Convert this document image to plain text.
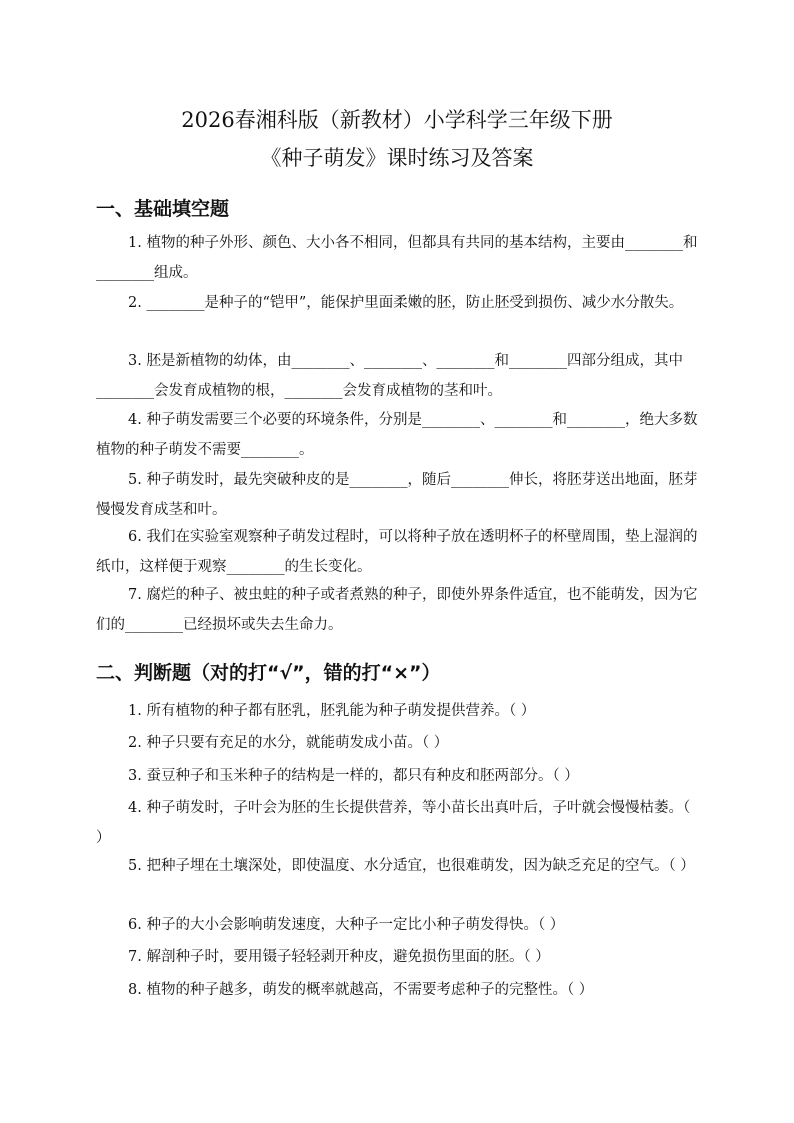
2026春湘科版（新教材）小学科学三年级下册
《种子萌发》课时练习及答案
一、基础填空题
1. 植物的种子外形、颜色、大小各不相同，但都具有共同的基本结构，主要由________和________组成。
2. ________是种子的“铠甲”，能保护里面柔嫩的胚，防止胚受到损伤、减少水分散失。
3. 胚是新植物的幼体，由________、________、________和________四部分组成，其中________会发育成植物的根，________会发育成植物的茎和叶。
4. 种子萌发需要三个必要的环境条件，分别是________、________和________，绝大多数植物的种子萌发不需要________。
5. 种子萌发时，最先突破种皮的是________，随后________伸长，将胚芽送出地面，胚芽慢慢发育成茎和叶。
6. 我们在实验室观察种子萌发过程时，可以将种子放在透明杯子的杯壁周围，垫上湿润的纸巾，这样便于观察________的生长变化。
7. 腐烂的种子、被虫蛀的种子或者煮熟的种子，即使外界条件适宜，也不能萌发，因为它们的________已经损坏或失去生命力。
二、判断题（对的打“√”，错的打“×”）
1. 所有植物的种子都有胚乳，胚乳能为种子萌发提供营养。（ ）
2. 种子只要有充足的水分，就能萌发成小苗。（ ）
3. 蚕豆种子和玉米种子的结构是一样的，都只有种皮和胚两部分。（ ）
4. 种子萌发时，子叶会为胚的生长提供营养，等小苗长出真叶后，子叶就会慢慢枯萎。（ ）
5. 把种子埋在土壤深处，即使温度、水分适宜，也很难萌发，因为缺乏充足的空气。（ ）
6. 种子的大小会影响萌发速度，大种子一定比小种子萌发得快。（ ）
7. 解剖种子时，要用镊子轻轻剥开种皮，避免损伤里面的胚。（ ）
8. 植物的种子越多，萌发的概率就越高，不需要考虑种子的完整性。（ ）
